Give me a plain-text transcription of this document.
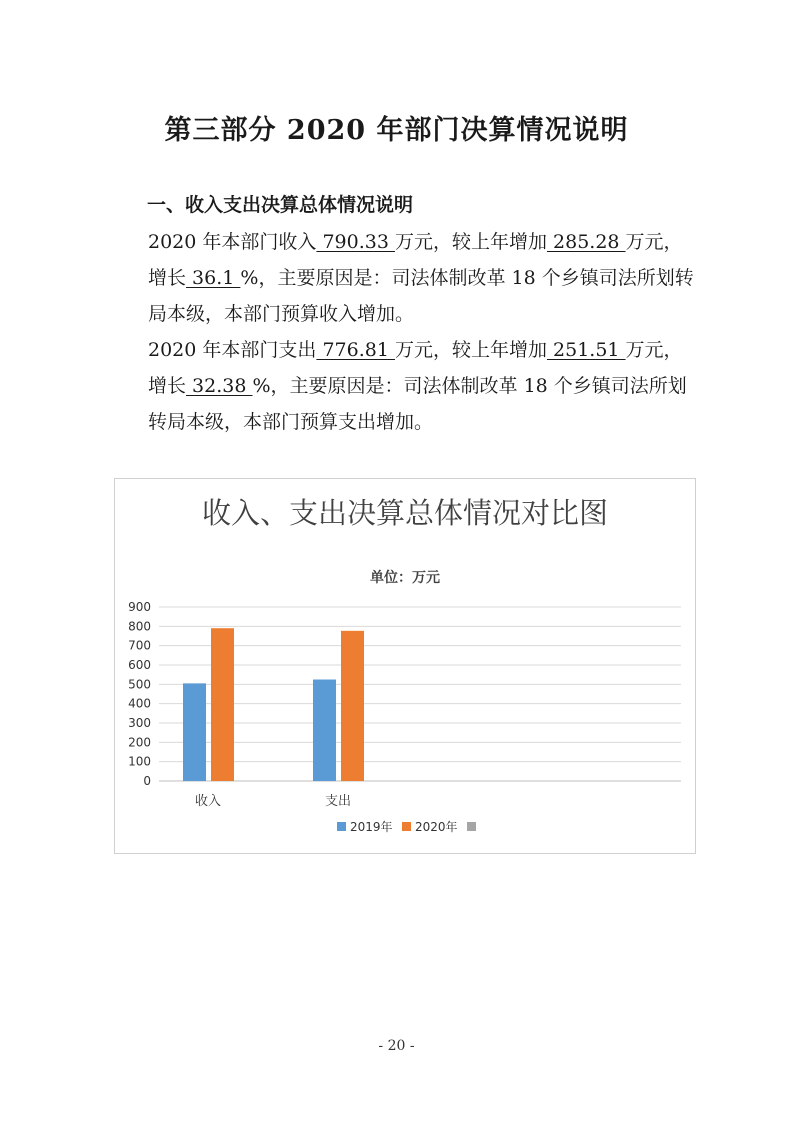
第三部分 2020 年部门决算情况说明
一、收入支出决算总体情况说明

2020 年本部门收入 790.33 万元，较上年增加 285.28 万元，增长 36.1 %，主要原因是：司法体制改革 18 个乡镇司法所划转局本级，本部门预算收入增加。

2020 年本部门支出 776.81 万元，较上年增加 251.51 万元，增长 32.38 %，主要原因是：司法体制改革 18 个乡镇司法所划转局本级，本部门预算支出增加。

收入、支出决算总体情况对比图
单位：万元
0
100
200
300
400
500
600
700
800
900
收入	支出
2019年 2020年
- 20 -
